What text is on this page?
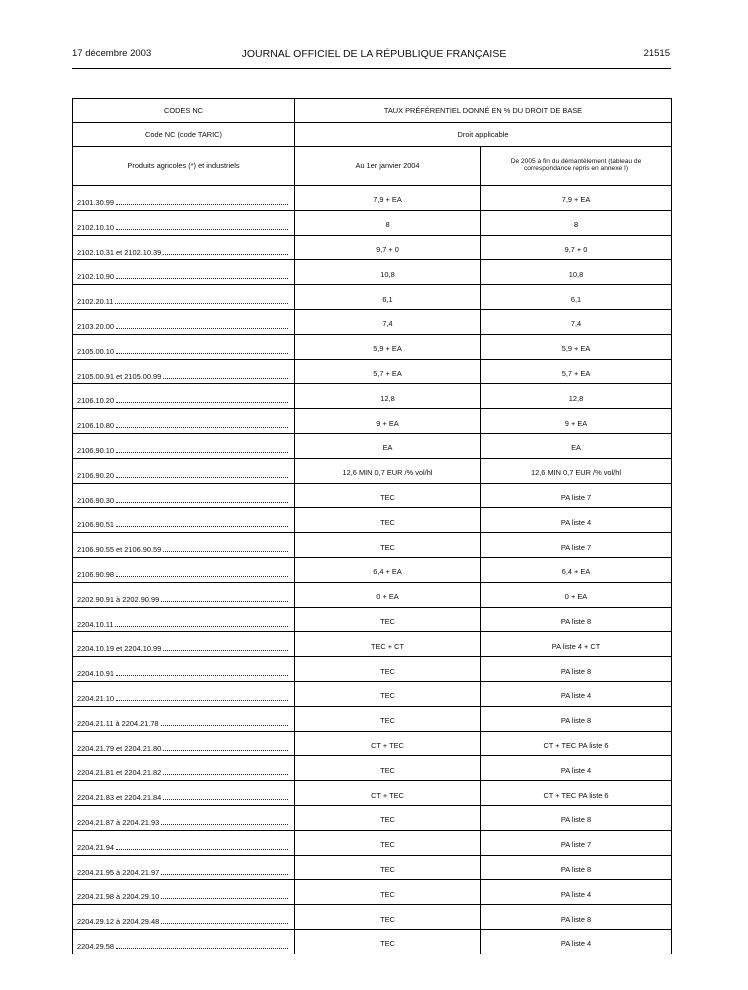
17 décembre 2003	JOURNAL OFFICIEL DE LA RÉPUBLIQUE FRANÇAISE	21515
CODES NC	TAUX PRÉFÉRENTIEL DONNÉ EN % DU DROIT DE BASE	
Code NC (code TARIC)	Droit applicable	
Produits agricoles (*) et industriels	Au 1er janvier 2004	De 2005 à fin du démantèlement (tableau de correspondance repris en annexe I)

2101.30.99	7,9 + EA	7,9 + EA

2102.10.10	8	8

2102.10.31 et 2102.10.39	9,7 + 0	9,7 + 0

2102.10.90	10,8	10,8

2102.20.11	6,1	6,1

2103.20.00	7,4	7,4

2105.00.10	5,9 + EA	5,9 + EA

2105.00.91 et 2105.00.99	5,7 + EA	5,7 + EA

2106.10.20	12,8	12,8

2106.10.80	9 + EA	9 + EA

2106.90.10	EA	EA

2106.90.20	12,6 MIN 0,7 EUR /% vol/hl	12,6 MIN 0,7 EUR /% vol/hl

2106.90.30	TEC	PA liste 7

2106.90.51	TEC	PA liste 4

2106.90.55 et 2106.90.59	TEC	PA liste 7

2106.90.98	6,4 + EA	6,4 + EA

2202.90.91 à 2202.90.99	0 + EA	0 + EA

2204.10.11	TEC	PA liste 8

2204.10.19 et 2204.10.99	TEC + CT	PA liste 4 + CT

2204.10.91	TEC	PA liste 8

2204.21.10	TEC	PA liste 4

2204.21.11 à 2204.21.78	TEC	PA liste 8

2204.21.79 et 2204.21.80	CT + TEC	CT + TEC PA liste 6

2204.21.81 et 2204.21.82	TEC	PA liste 4

2204.21.83 et 2204.21.84	CT + TEC	CT + TEC PA liste 6

2204.21.87 à 2204.21.93	TEC	PA liste 8

2204.21.94	TEC	PA liste 7

2204.21.95 à 2204.21.97	TEC	PA liste 8

2204.21.98 à 2204.29.10	TEC	PA liste 4

2204.29.12 à 2204.29.48	TEC	PA liste 8

2204.29.58	TEC	PA liste 4
